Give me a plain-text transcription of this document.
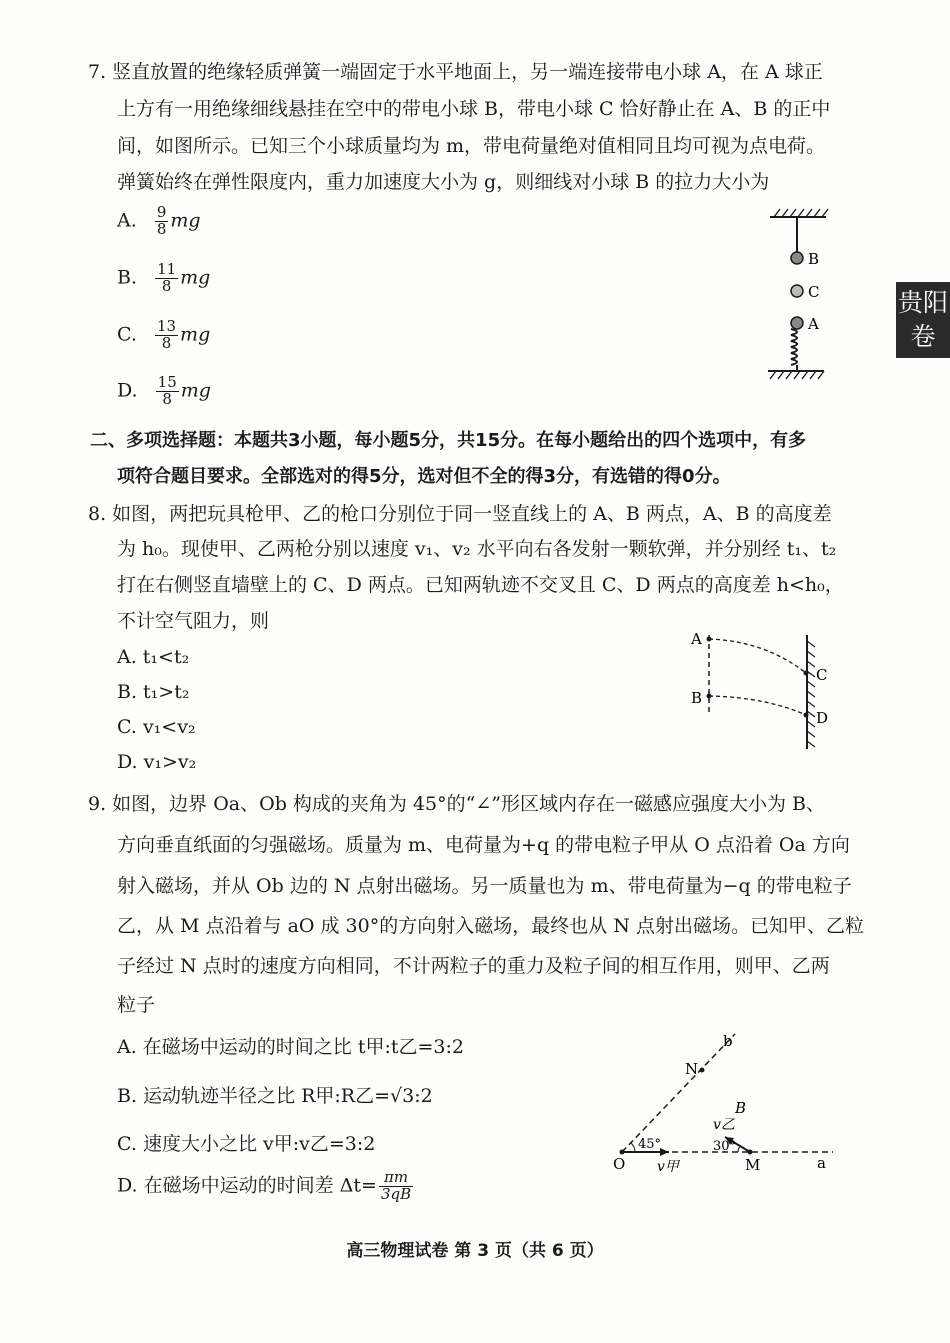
贵阳
卷
7. 竖直放置的绝缘轻质弹簧一端固定于水平地面上，另一端连接带电小球 A，在 A 球正
上方有一用绝缘细线悬挂在空中的带电小球 B，带电小球 C 恰好静止在 A、B 的正中
间，如图所示。已知三个小球质量均为 m，带电荷量绝对值相同且均可视为点电荷。
弹簧始终在弹性限度内，重力加速度大小为 g，则细线对小球 B 的拉力大小为
A. $\frac{9}{8}$ mg
B. $\frac{11}{8}$ mg
C. $\frac{13}{8}$ mg
D. $\frac{15}{8}$ mg
B
C
A
二、多项选择题：本题共3小题，每小题5分，共15分。在每小题给出的四个选项中，有多
项符合题目要求。全部选对的得5分，选对但不全的得3分，有选错的得0分。
8. 如图，两把玩具枪甲、乙的枪口分别位于同一竖直线上的 A、B 两点，A、B 的高度差
为 h₀。现使甲、乙两枪分别以速度 v₁、v₂ 水平向右各发射一颗软弹，并分别经 t₁、t₂
打在右侧竖直墙壁上的 C、D 两点。已知两轨迹不交叉且 C、D 两点的高度差 h<h₀，
不计空气阻力，则
A. t₁<t₂
B. t₁>t₂
C. v₁<v₂
D. v₁>v₂
A
B
C
D
9. 如图，边界 Oa、Ob 构成的夹角为 45°的“∠”形区域内存在一磁感应强度大小为 B、
方向垂直纸面的匀强磁场。质量为 m、电荷量为+q 的带电粒子甲从 O 点沿着 Oa 方向
射入磁场，并从 Ob 边的 N 点射出磁场。另一质量也为 m、带电荷量为−q 的带电粒子
乙，从 M 点沿着与 aO 成 30°的方向射入磁场，最终也从 N 点射出磁场。已知甲、乙粒
子经过 N 点时的速度方向相同，不计两粒子的重力及粒子间的相互作用，则甲、乙两
粒子
A. 在磁场中运动的时间之比 t甲:t乙=3:2
B. 运动轨迹半径之比 R甲:R乙=√3:2
C. 速度大小之比 v甲:v乙=3:2
D. 在磁场中运动的时间差 $\Delta t= \frac{\pi m}{3qB}$
b
N
B
v乙
30°
45°
O v甲	M	a
高三物理试卷 第 3 页（共 6 页）
